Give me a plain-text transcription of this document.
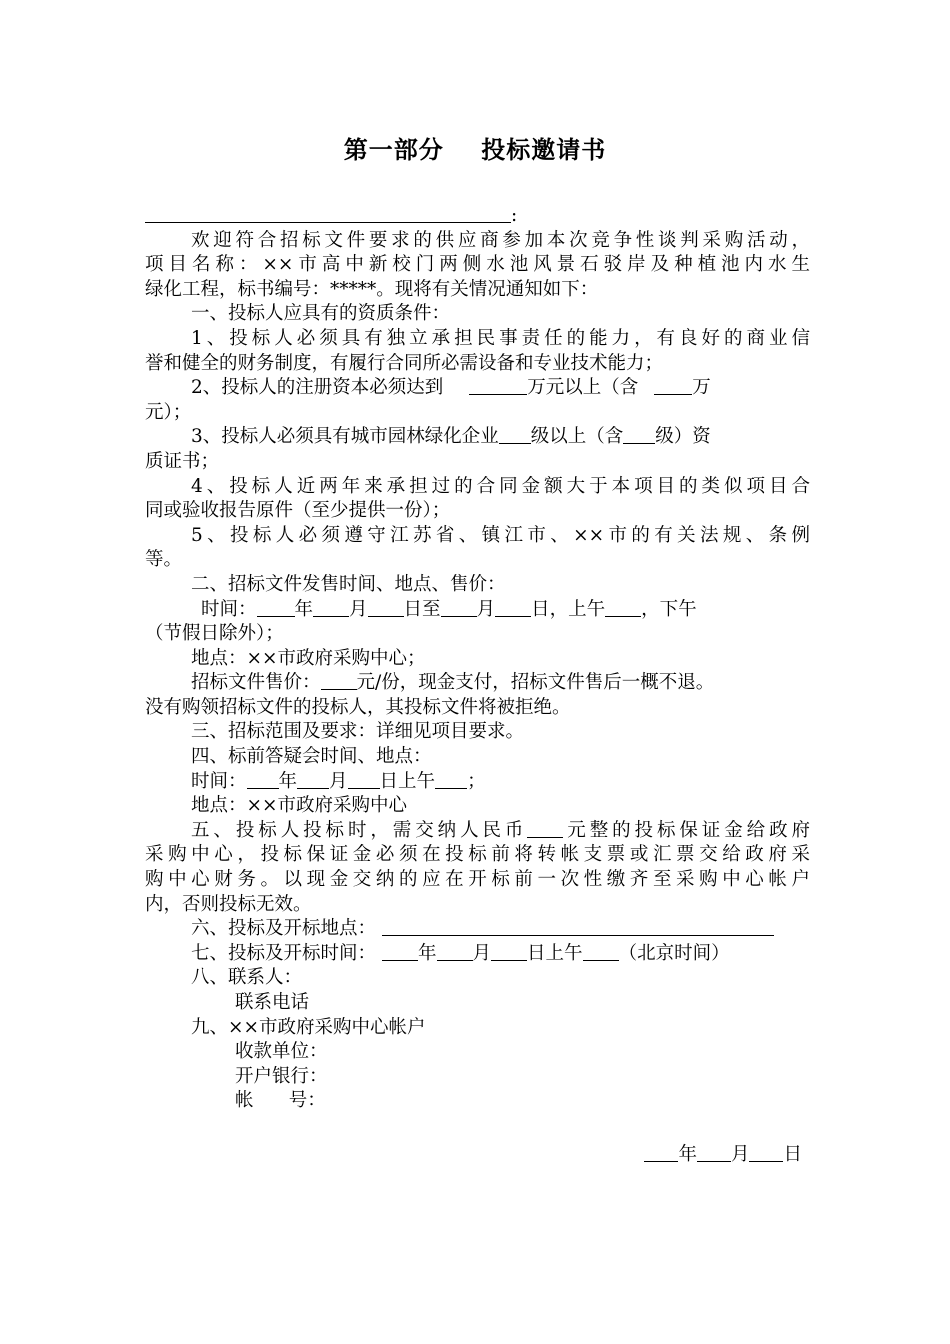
第一部分    投标邀请书
:
欢迎符合招标文件要求的供应商参加本次竞争性谈判采购活动，
项目名称：××市高中新校门两侧水池风景石驳岸及种植池内水生
绿化工程，标书编号：*****。现将有关情况通知如下：
一、投标人应具有的资质条件：
1、投标人必须具有独立承担民事责任的能力，有良好的商业信
誉和健全的财务制度，有履行合同所必需设备和专业技术能力；
2、投标人的注册资本必须达到	万元以上（含	万
元）；
3、投标人必须具有城市园林绿化企业 级以上（含 级）资
质证书；
4、投标人近两年来承担过的合同金额大于本项目的类似项目合
同或验收报告原件（至少提供一份）；
5、投标人必须遵守江苏省、镇江市、××市的有关法规、条例
等。
二、招标文件发售时间、地点、售价：
时间： 年 月 日至 月 日，上午 ，下午
（节假日除外）；
地点：××市政府采购中心；
招标文件售价： 元/份，现金支付，招标文件售后一概不退。
没有购领招标文件的投标人，其投标文件将被拒绝。
三、招标范围及要求：详细见项目要求。
四、标前答疑会时间、地点：
时间： 年 月 日上午 ；
地点：××市政府采购中心
五、投标人投标时，需交纳人民币 元整的投标保证金给政府
采购中心，投标保证金必须在投标前将转帐支票或汇票交给政府采
购中心财务。以现金交纳的应在开标前一次性缴齐至采购中心帐户
内，否则投标无效。
六、投标及开标地点：
七、投标及开标时间： 年 月 日上午 （北京时间）
八、联系人：
联系电话
九、××市政府采购中心帐户
收款单位：
开户银行：
帐      号：
年 月 日
